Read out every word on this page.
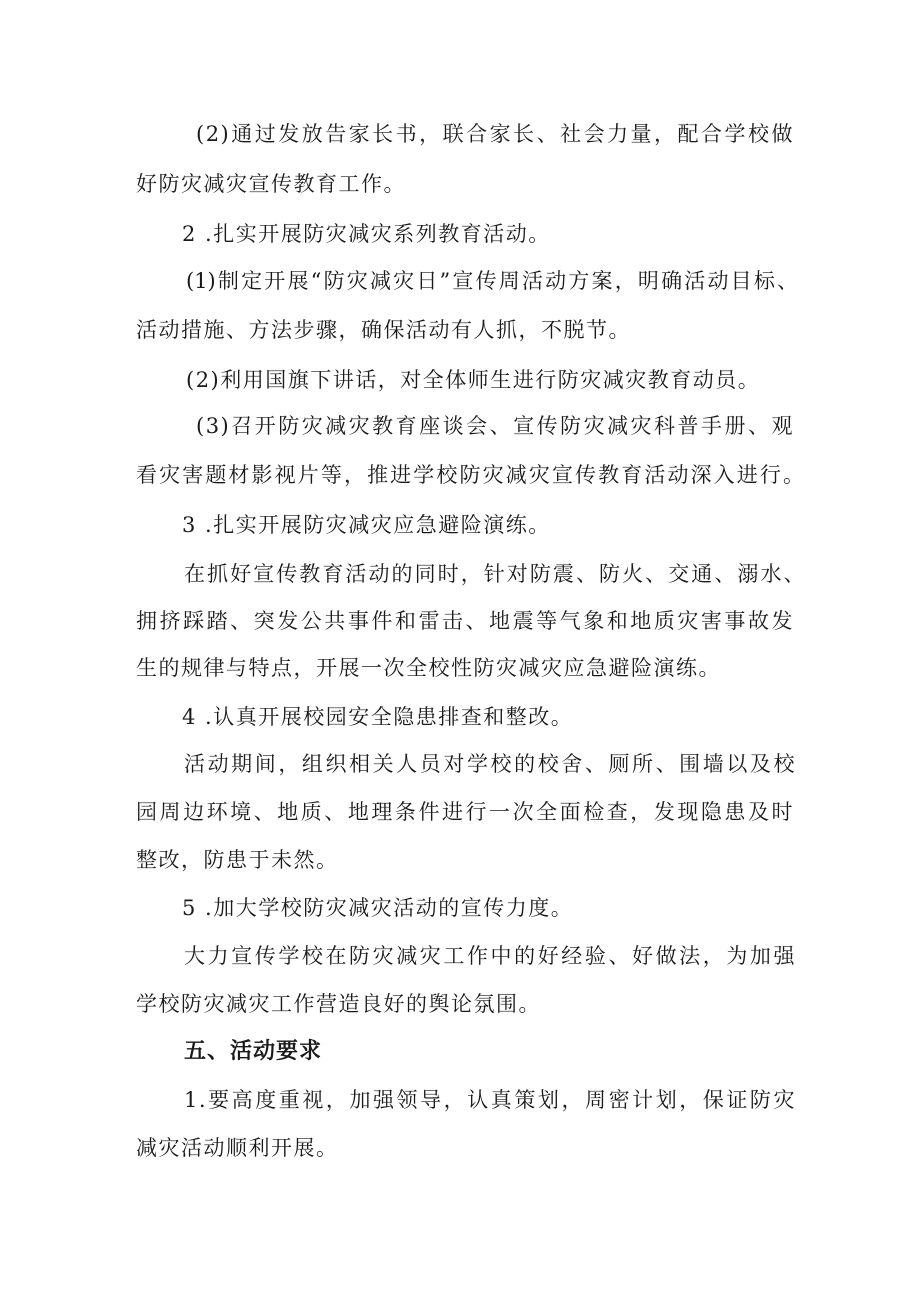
(2)通过发放告家长书，联合家长、社会力量，配合学校做
好防灾减灾宣传教育工作。
2 .扎实开展防灾减灾系列教育活动。
(1)制定开展“防灾减灾日”宣传周活动方案，明确活动目标、
活动措施、方法步骤，确保活动有人抓，不脱节。
(2)利用国旗下讲话，对全体师生进行防灾减灾教育动员。
(3)召开防灾减灾教育座谈会、宣传防灾减灾科普手册、观
看灾害题材影视片等，推进学校防灾减灾宣传教育活动深入进行。
3 .扎实开展防灾减灾应急避险演练。
在抓好宣传教育活动的同时，针对防震、防火、交通、溺水、
拥挤踩踏、突发公共事件和雷击、地震等气象和地质灾害事故发
生的规律与特点，开展一次全校性防灾减灾应急避险演练。
4 .认真开展校园安全隐患排查和整改。
活动期间，组织相关人员对学校的校舍、厕所、围墙以及校
园周边环境、地质、地理条件进行一次全面检查，发现隐患及时
整改，防患于未然。
5 .加大学校防灾减灾活动的宣传力度。
大力宣传学校在防灾减灾工作中的好经验、好做法，为加强
学校防灾减灾工作营造良好的舆论氛围。
五、活动要求
1.要高度重视，加强领导，认真策划，周密计划，保证防灾
减灾活动顺利开展。
